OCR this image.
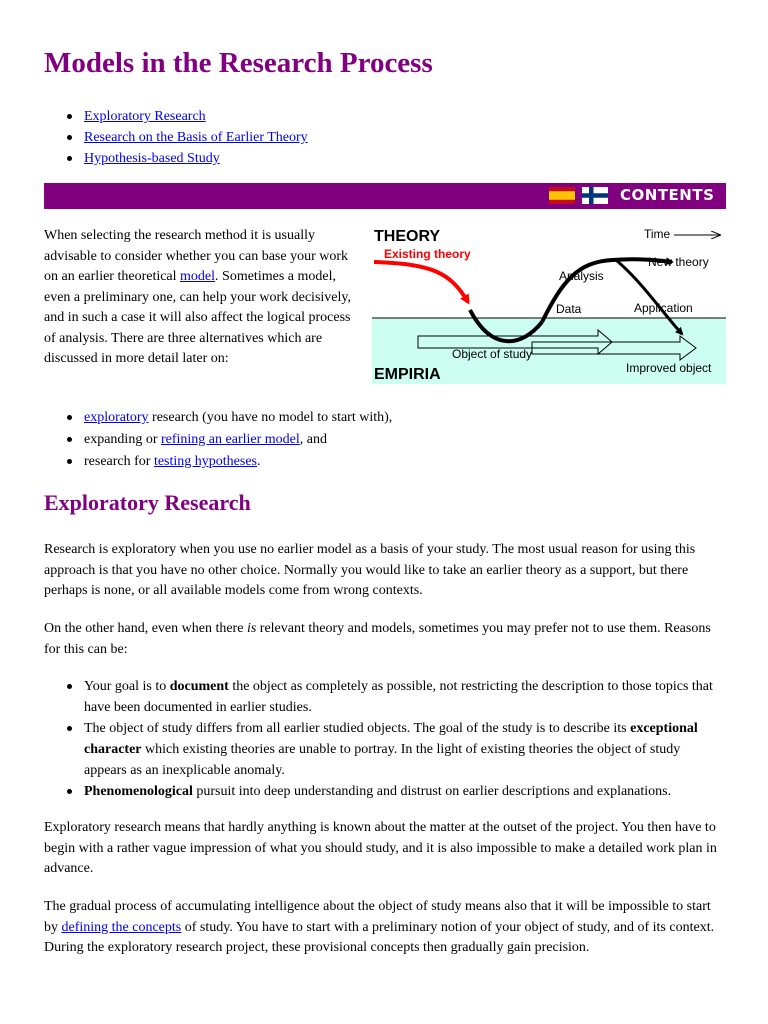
Models in the Research Process
Exploratory Research
Research on the Basis of Earlier Theory
Hypothesis-based Study
CONTENTS

When selecting the research method it is usually advisable to consider whether you can base your work on an earlier theoretical model. Sometimes a model, even a preliminary one, can help your work decisively, and in such a case it will also affect the logical process of analysis. There are three alternatives which are discussed in more detail later on:

THEORY
EMPIRIA
Existing theory
Time
Analysis
New theory
Data	Application
Object of study
Improved object
exploratory research (you have no model to start with),
expanding or refining an earlier model, and
research for testing hypotheses.
Exploratory Research

Research is exploratory when you use no earlier model as a basis of your study. The most usual reason for using this approach is that you have no other choice. Normally you would like to take an earlier theory as a support, but there perhaps is none, or all available models come from wrong contexts.

On the other hand, even when there is relevant theory and models, sometimes you may prefer not to use them. Reasons for this can be:

Your goal is to document the object as completely as possible, not restricting the description to those topics that have been documented in earlier studies.
The object of study differs from all earlier studied objects. The goal of the study is to describe its exceptional character which existing theories are unable to portray. In the light of existing theories the object of study appears as an inexplicable anomaly.
Phenomenological pursuit into deep understanding and distrust on earlier descriptions and explanations.

Exploratory research means that hardly anything is known about the matter at the outset of the project. You then have to begin with a rather vague impression of what you should study, and it is also impossible to make a detailed work plan in advance.

The gradual process of accumulating intelligence about the object of study means also that it will be impossible to start by defining the concepts of study. You have to start with a preliminary notion of your object of study, and of its context. During the exploratory research project, these provisional concepts then gradually gain precision.
